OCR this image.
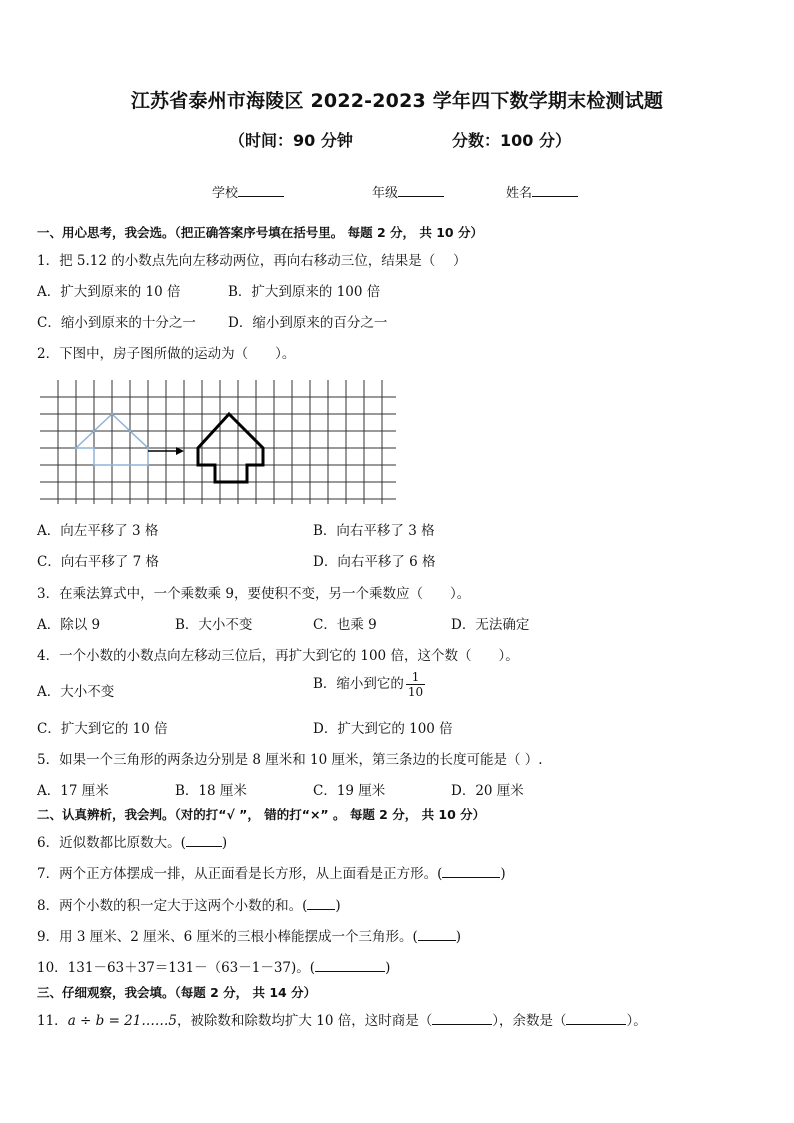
江苏省泰州市海陵区 2022-2023 学年四下数学期末检测试题
（时间：90 分钟	分数：100 分）
学校	年级	姓名
一、用心思考，我会选。（把正确答案序号填在括号里。 每题 2 分， 共 10 分）
1．把 5.12 的小数点先向左移动两位，再向右移动三位，结果是（　 ）
A．扩大到原来的 10 倍	B．扩大到原来的 100 倍
C．缩小到原来的十分之一 D．缩小到原来的百分之一
2．下图中，房子图所做的运动为（　　）。
A．向左平移了 3 格	B．向右平移了 3 格
C．向右平移了 7 格	D．向右平移了 6 格
3．在乘法算式中，一个乘数乘 9，要使积不变，另一个乘数应（　　）。
A．除以 9	B．大小不变	C．也乘 9	D．无法确定
4．一个小数的小数点向左移动三位后，再扩大到它的 100 倍，这个数（　　）。
A．大小不变	B．缩小到它的 $\frac{1}{10}$
C．扩大到它的 10 倍	D．扩大到它的 100 倍
5．如果一个三角形的两条边分别是 8 厘米和 10 厘米，第三条边的长度可能是（ ）.
A．17 厘米	B．18 厘米	C．19 厘米	D．20 厘米
二、认真辨析，我会判。（对的打“√ ”， 错的打“×” 。 每题 2 分， 共 10 分）
6．近似数都比原数大。(	)
7．两个正方体摆成一排，从正面看是长方形，从上面看是正方形。(	)
8．两个小数的积一定大于这两个小数的和。( )
9．用 3 厘米、2 厘米、6 厘米的三根小棒能摆成一个三角形。(	)
10．131－63＋37＝131－（63－1－37)。(	)
三、仔细观察，我会填。（每题 2 分， 共 14 分）
11．a ÷ b = 21……5，被除数和除数均扩大 10 倍，这时商是（	），余数是（	）。
